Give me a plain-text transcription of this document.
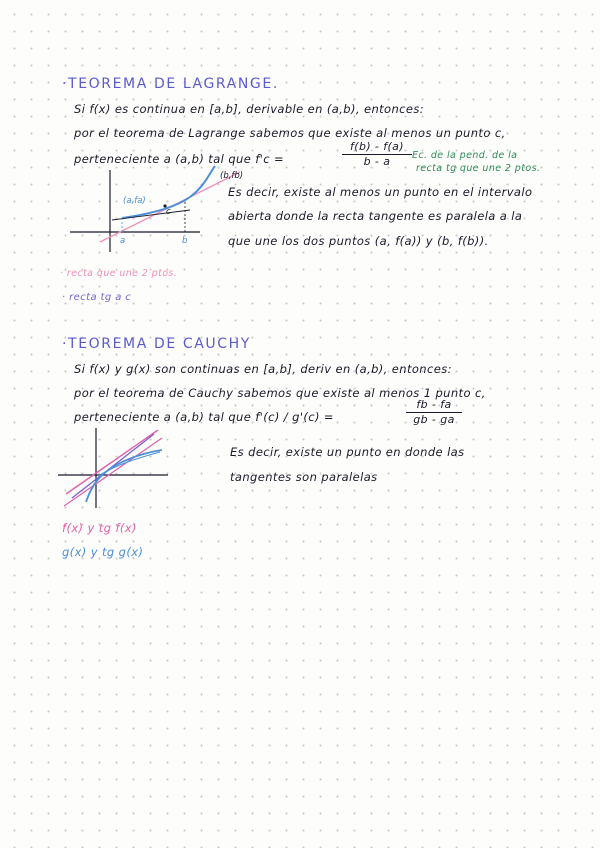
·TEOREMA DE LAGRANGE.
Si f(x) es continua en [a,b], derivable en (a,b), entonces:
por el teorema de Lagrange sabemos que existe al menos un punto c,
perteneciente a (a,b) tal que f'c =	$\frac{f(b) - f(a)}{b - a} Ec$. de la pend. de la
recta tg que une 2 ptos.
(a,fa)
(b,fb)
c
a	b
Es decir, existe al menos un punto en el intervalo
abierta donde la recta tangente es paralela a la
que une los dos puntos (a, f(a)) y (b, f(b)).
· recta que une 2 ptos.
· recta tg a c
·TEOREMA DE CAUCHY
Si f(x) y g(x) son continuas en [a,b], deriv en (a,b), entonces:
por el teorema de Cauchy sabemos que existe al menos 1 punto c,
perteneciente a (a,b) tal que f'(c) / g'(c) =	$\frac{fb - fa}{gb - ga}$
Es decir, existe un punto en donde las
tangentes son paralelas
f(x) y tg f(x)
g(x) y tg g(x)
